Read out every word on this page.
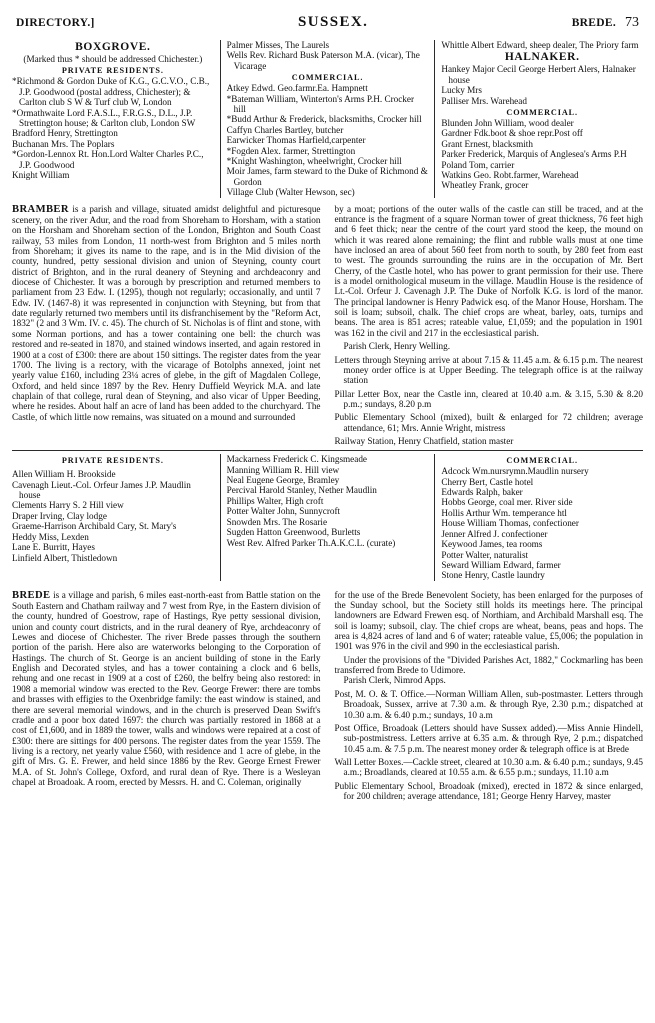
DIRECTORY.]	SUSSEX.	BREDE. 73
BOXGROVE.
(Marked thus * should be addressed Chichester.)
PRIVATE RESIDENTS.
*Richmond & Gordon Duke of K.G., G.C.V.O., C.B., J.P. Goodwood (postal address, Chichester); & Carlton club S W & Turf club W, London
*Ormathwaite Lord F.A.S.L., F.R.G.S., D.L., J.P. Strettington house; & Carlton club, London SW
Bradford Henry, Strettington
Buchanan Mrs. The Poplars
*Gordon-Lennox Rt. Hon.Lord Walter Charles P.C., J.P. Goodwood
Knight William
Palmer Misses, The Laurels
Wells Rev. Richard Busk Paterson M.A. (vicar), The Vicarage
COMMERCIAL.
Atkey Edwd. Geo.farmr.Ea. Hampnett
*Bateman William, Winterton's Arms P.H. Crocker hill
*Budd Arthur & Frederick, blacksmiths, Crocker hill
Caffyn Charles Bartley, butcher
Earwicker Thomas Harfield,carpenter
*Fogden Alex. farmer, Strettington
*Knight Washington, wheelwright, Crocker hill
Moir James, farm steward to the Duke of Richmond & Gordon
Village Club (Walter Hewson, sec)
Whittle Albert Edward, sheep dealer, The Priory farm
HALNAKER.
Hankey Major Cecil George Herbert Alers, Halnaker house
Lucky Mrs
Palliser Mrs. Warehead
COMMERCIAL.
Blunden John William, wood dealer
Gardner Fdk.boot & shoe repr.Post off
Grant Ernest, blacksmith
Parker Frederick, Marquis of Anglesea's Arms P.H
Poland Tom, carrier
Watkins Geo. Robt.farmer, Warehead
Wheatley Frank, grocer

BRAMBER is a parish and village, situated amidst delightful and picturesque scenery, on the river Adur, and the road from Shoreham to Horsham, with a station on the Horsham and Shoreham section of the London, Brighton and South Coast railway, 53 miles from London, 11 north-west from Brighton and 5 miles north from Shoreham; it gives its name to the rape, and is in the Mid division of the county, hundred, petty sessional division and union of Steyning, county court district of Brighton, and in the rural deanery of Steyning and archdeaconry and diocese of Chichester. It was a borough by prescription and returned members to parliament from 23 Edw. I. (1295), though not regularly; occasionally, and until 7 Edw. IV. (1467-8) it was represented in conjunction with Steyning, but from that date regularly returned two members until its disfranchisement by the "Reform Act, 1832" (2 and 3 Wm. IV. c. 45). The church of St. Nicholas is of flint and stone, with some Norman portions, and has a tower containing one bell: the church was restored and re-seated in 1870, and stained windows inserted, and again restored in 1900 at a cost of £300: there are about 150 sittings. The register dates from the year 1700. The living is a rectory, with the vicarage of Botolphs annexed, joint net yearly value £160, including 23¼ acres of glebe, in the gift of Magdalen College, Oxford, and held since 1897 by the Rev. Henry Duffield Weyrick M.A. and late chaplain of that college, rural dean of Steyning, and also vicar of Upper Beeding, where he resides. About half an acre of land has been added to the churchyard. The Castle, of which little now remains, was situated on a mound and surrounded

by a moat; portions of the outer walls of the castle can still be traced, and at the entrance is the fragment of a square Norman tower of great thickness, 76 feet high and 6 feet thick; near the centre of the court yard stood the keep, the mound on which it was reared alone remaining; the flint and rubble walls must at one time have inclosed an area of about 560 feet from north to south, by 280 feet from east to west. The grounds surrounding the ruins are in the occupation of Mr. Bert Cherry, of the Castle hotel, who has power to grant permission for their use. There is a model ornithological museum in the village. Maudlin House is the residence of Lt.-Col. Orfeur J. Cavenagh J.P. The Duke of Norfolk K.G. is lord of the manor. The principal landowner is Henry Padwick esq. of the Manor House, Horsham. The soil is loam; subsoil, chalk. The chief crops are wheat, barley, oats, turnips and beans. The area is 851 acres; rateable value, £1,059; and the population in 1901 was 162 in the civil and 217 in the ecclesiastical parish.

Parish Clerk, Henry Welling.

Letters through Steyning arrive at about 7.15 & 11.45 a.m. & 6.15 p.m. The nearest money order office is at Upper Beeding. The telegraph office is at the railway station

Pillar Letter Box, near the Castle inn, cleared at 10.40 a.m. & 3.15, 5.30 & 8.20 p.m.; sundays, 8.20 p.m

Public Elementary School (mixed), built & enlarged for 72 children; average attendance, 61; Mrs. Annie Wright, mistress

Railway Station, Henry Chatfield, station master

PRIVATE RESIDENTS.
Allen William H. Brookside
Cavenagh Lieut.-Col. Orfeur James J.P. Maudlin house
Clements Harry S. 2 Hill view
Draper Irving, Clay lodge
Graeme-Harrison Archibald Cary, St. Mary's
Heddy Miss, Lexden
Lane E. Burritt, Hayes
Linfield Albert, Thistledown
Mackarness Frederick C. Kingsmeade
Manning William R. Hill view
Neal Eugene George, Bramley
Percival Harold Stanley, Nether Maudlin
Phillips Walter, High croft
Potter Walter John, Sunnycroft
Snowden Mrs. The Rosarie
Sugden Hatton Greenwood, Burletts
West Rev. Alfred Parker Th.A.K.C.L. (curate)
COMMERCIAL.
Adcock Wm.nursrymn.Maudlin nursery
Cherry Bert, Castle hotel
Edwards Ralph, baker
Hobbs George, coal mer. River side
Hollis Arthur Wm. temperance htl
House William Thomas, confectioner
Jenner Alfred J. confectioner
Keywood James, tea rooms
Potter Walter, naturalist
Seward William Edward, farmer
Stone Henry, Castle laundry

BREDE is a village and parish, 6 miles east-north-east from Battle station on the South Eastern and Chatham railway and 7 west from Rye, in the Eastern division of the county, hundred of Goestrow, rape of Hastings, Rye petty sessional division, union and county court districts, and in the rural deanery of Rye, archdeaconry of Lewes and diocese of Chichester. The river Brede passes through the southern portion of the parish. Here also are waterworks belonging to the Corporation of Hastings. The church of St. George is an ancient building of stone in the Early English and Decorated styles, and has a tower containing a clock and 6 bells, rehung and one recast in 1909 at a cost of £260, the belfry being also restored: in 1908 a memorial window was erected to the Rev. George Frewer: there are tombs and brasses with effigies to the Oxenbridge family: the east window is stained, and there are several memorial windows, and in the church is preserved Dean Swift's cradle and a poor box dated 1697: the church was partially restored in 1868 at a cost of £1,600, and in 1889 the tower, walls and windows were repaired at a cost of £300: there are sittings for 400 persons. The register dates from the year 1559. The living is a rectory, net yearly value £560, with residence and 1 acre of glebe, in the gift of Mrs. G. E. Frewer, and held since 1886 by the Rev. George Ernest Frewer M.A. of St. John's College, Oxford, and rural dean of Rye. There is a Wesleyan chapel at Broadoak. A room, erected by Messrs. H. and C. Coleman, originally

for the use of the Brede Benevolent Society, has been enlarged for the purposes of the Sunday school, but the Society still holds its meetings here. The principal landowners are Edward Frewen esq. of Northiam, and Archibald Marshall esq. The soil is loamy; subsoil, clay. The chief crops are wheat, beans, peas and hops. The area is 4,824 acres of land and 6 of water; rateable value, £5,006; the population in 1901 was 976 in the civil and 990 in the ecclesiastical parish.

Under the provisions of the "Divided Parishes Act, 1882," Cockmarling has been transferred from Brede to Udimore.

Parish Clerk, Nimrod Apps.

Post, M. O. & T. Office.—Norman William Allen, sub-postmaster. Letters through Broadoak, Sussex, arrive at 7.30 a.m. & through Rye, 2.30 p.m.; dispatched at 10.30 a.m. & 6.40 p.m.; sundays, 10 a.m

Post Office, Broadoak (Letters should have Sussex added).—Miss Annie Hindell, sub-postmistress. Letters arrive at 6.35 a.m. & through Rye, 2 p.m.; dispatched 10.45 a.m. & 7.5 p.m. The nearest money order & telegraph office is at Brede

Wall Letter Boxes.—Cackle street, cleared at 10.30 a.m. & 6.40 p.m.; sundays, 9.45 a.m.; Broadlands, cleared at 10.55 a.m. & 6.55 p.m.; sundays, 11.10 a.m

Public Elementary School, Broadoak (mixed), erected in 1872 & since enlarged, for 200 children; average attendance, 181; George Henry Harvey, master
